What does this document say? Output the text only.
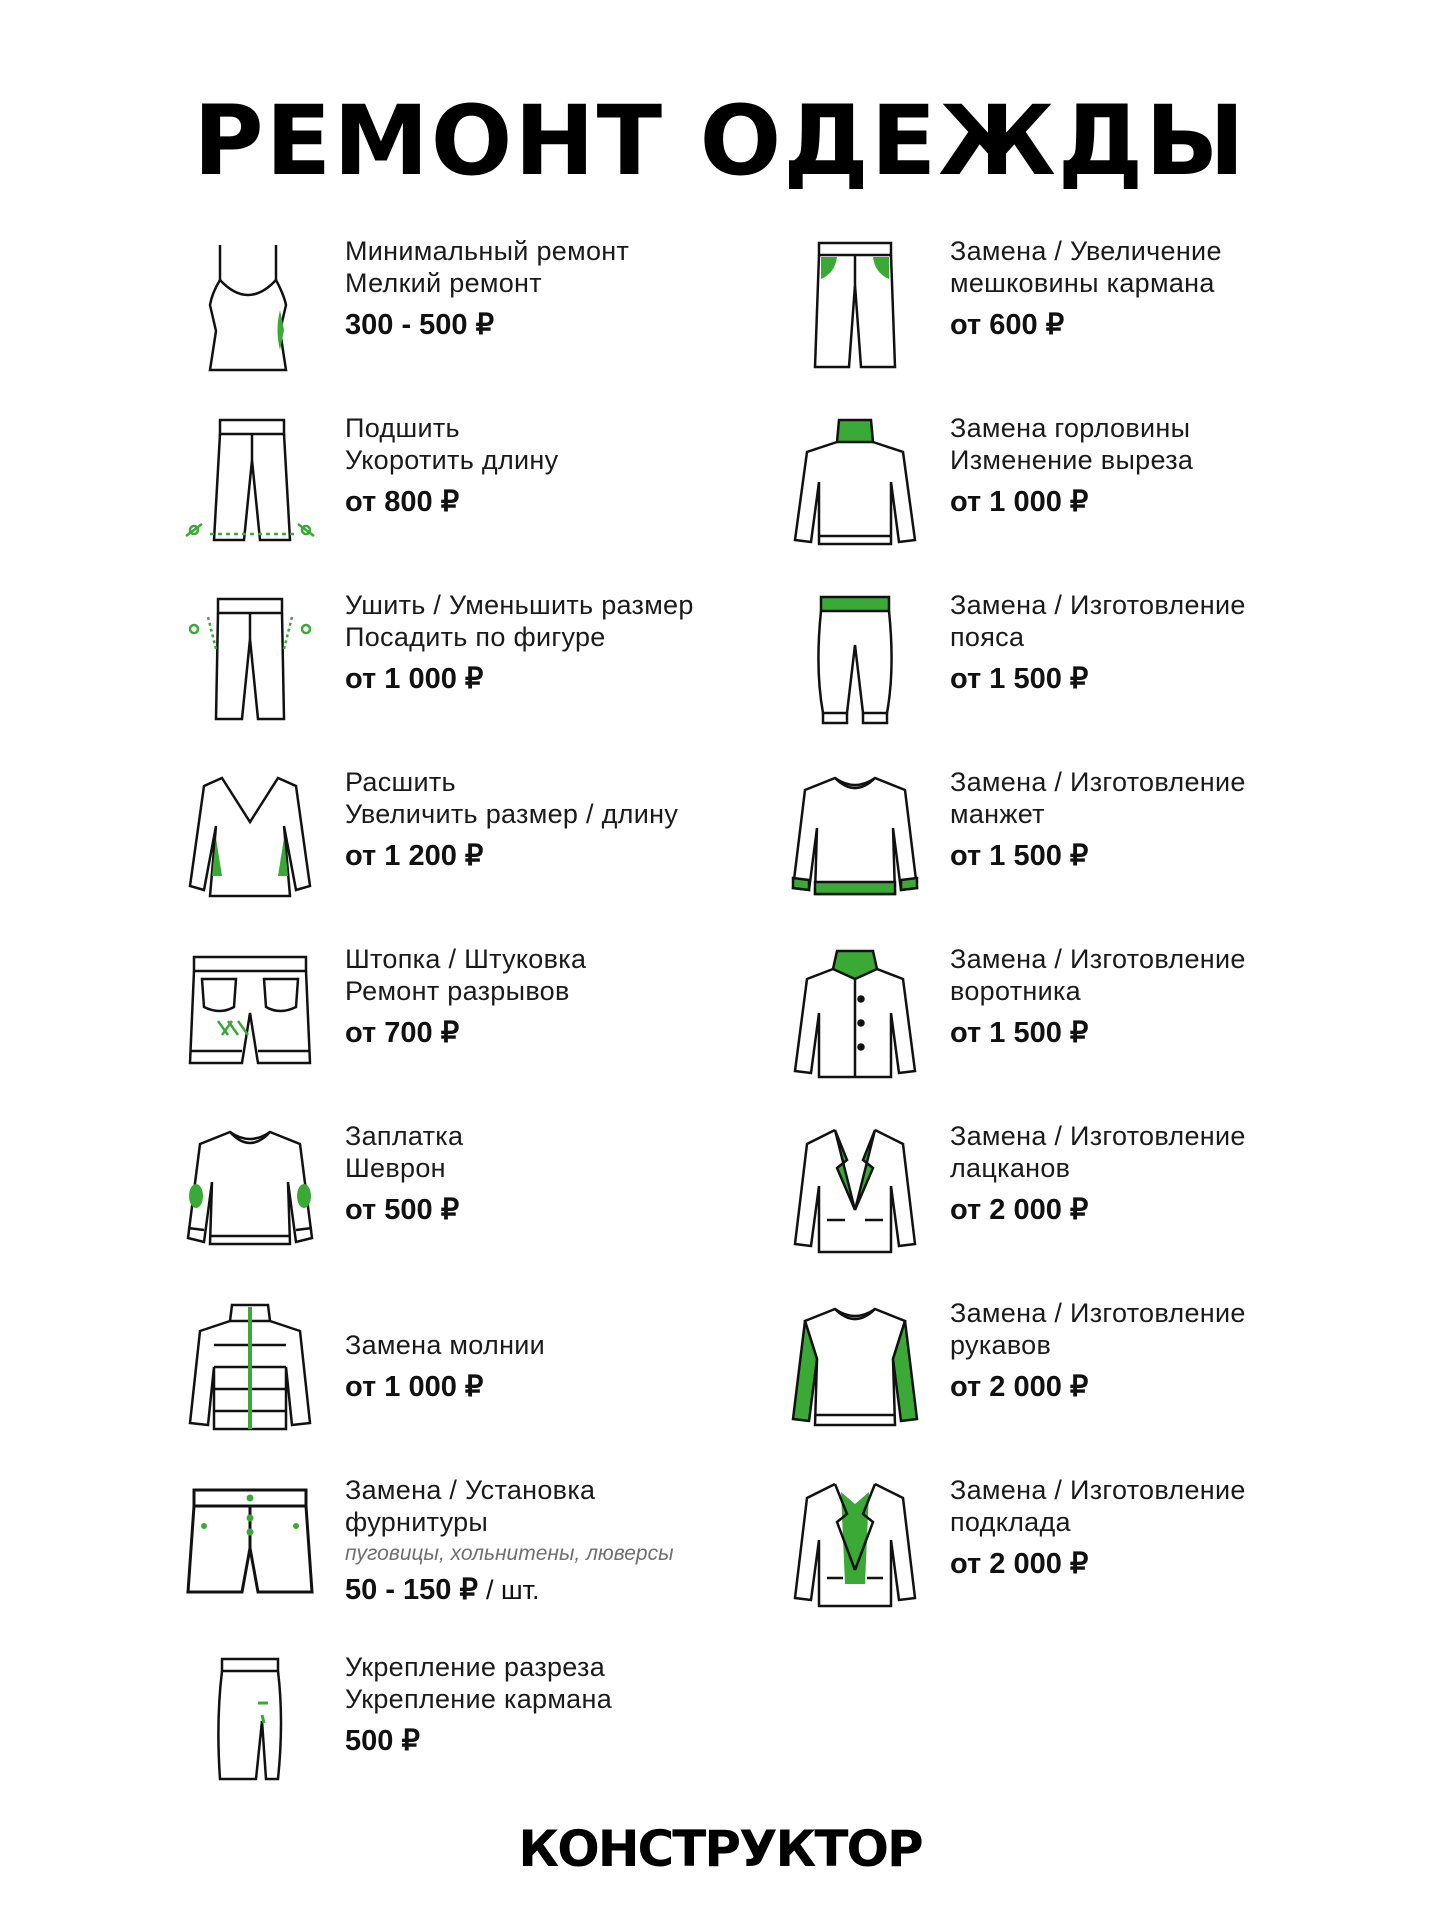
РЕМОНТ ОДЕЖДЫ
Минимальный ремонт
Мелкий ремонт
300 - 500 ₽
Подшить
Укоротить длину
от 800 ₽
Ушить / Уменьшить размер
Посадить по фигуре
от 1 000 ₽
Расшить
Увеличить размер / длину
от 1 200 ₽
Штопка / Штуковка
Ремонт разрывов
от 700 ₽
Заплатка
Шеврон
от 500 ₽
Замена молнии
от 1 000 ₽
Замена / Установка
фурнитуры
пуговицы, хольнитены, люверсы
50 - 150 ₽ / шт.
Укрепление разреза
Укрепление кармана
500 ₽
Замена / Увеличение
мешковины кармана
от 600 ₽
Замена горловины
Изменение выреза
от 1 000 ₽
Замена / Изготовление
пояса
от 1 500 ₽
Замена / Изготовление
манжет
от 1 500 ₽
Замена / Изготовление
воротника
от 1 500 ₽
Замена / Изготовление
лацканов
от 2 000 ₽
Замена / Изготовление
рукавов
от 2 000 ₽
Замена / Изготовление
подклада
от 2 000 ₽
КОНСТРУКТОР
